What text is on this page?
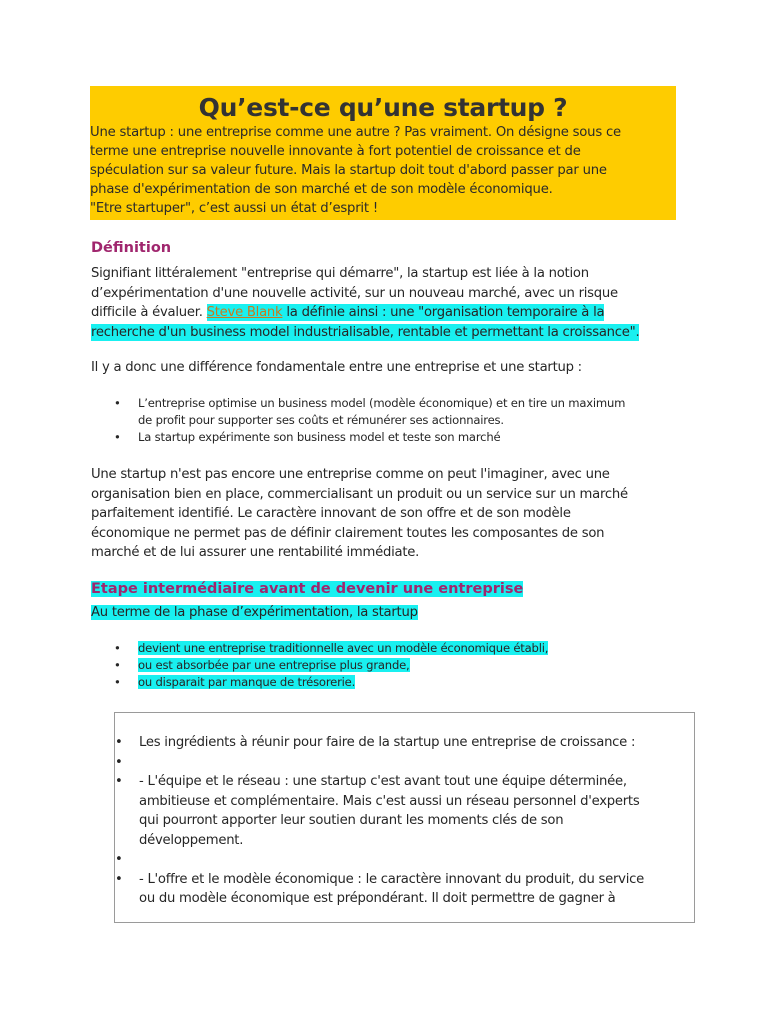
Qu’est-ce qu’une startup ?

Une startup : une entreprise comme une autre ? Pas vraiment. On désigne sous ce
terme une entreprise nouvelle innovante à fort potentiel de croissance et de
spéculation sur sa valeur future. Mais la startup doit tout d'abord passer par une
phase d'expérimentation de son marché et de son modèle économique.
"Etre startuper", c’est aussi un état d’esprit !

Définition

Signifiant littéralement "entreprise qui démarre", la startup est liée à la notion
d’expérimentation d'une nouvelle activité, sur un nouveau marché, avec un risque
difficile à évaluer. Steve Blank la définie ainsi : une "organisation temporaire à la
recherche d'un business model industrialisable, rentable et permettant la croissance".

Il y a donc une différence fondamentale entre une entreprise et une startup :

• L’entreprise optimise un business model (modèle économique) et en tire un maximum
de profit pour supporter ses coûts et rémunérer ses actionnaires.
• La startup expérimente son business model et teste son marché

Une startup n'est pas encore une entreprise comme on peut l'imaginer, avec une
organisation bien en place, commercialisant un produit ou un service sur un marché
parfaitement identifié. Le caractère innovant de son offre et de son modèle
économique ne permet pas de définir clairement toutes les composantes de son
marché et de lui assurer une rentabilité immédiate.

Etape intermédiaire avant de devenir une entreprise

Au terme de la phase d’expérimentation, la startup

• devient une entreprise traditionnelle avec un modèle économique établi,
• ou est absorbée par une entreprise plus grande,
• ou disparait par manque de trésorerie.
• Les ingrédients à réunir pour faire de la startup une entreprise de croissance :
•
• - L'équipe et le réseau : une startup c'est avant tout une équipe déterminée,
ambitieuse et complémentaire. Mais c'est aussi un réseau personnel d'experts
qui pourront apporter leur soutien durant les moments clés de son
développement.
•
• - L'offre et le modèle économique : le caractère innovant du produit, du service
ou du modèle économique est prépondérant. Il doit permettre de gagner à
